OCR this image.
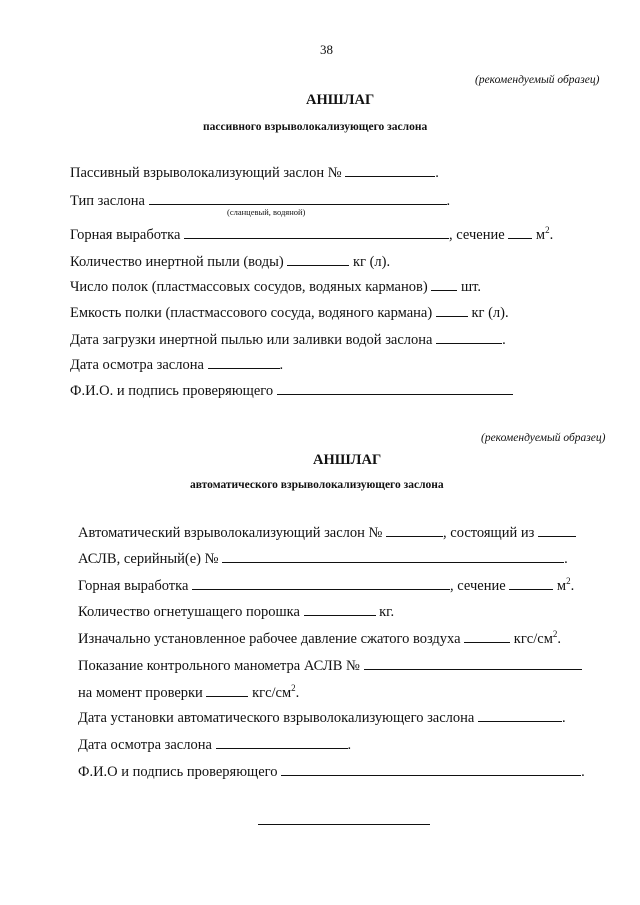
38
(рекомендуемый образец)
АНШЛАГ
пассивного взрыволокализующего заслона
Пассивный взрыволокализующий заслон №	.
Тип заслона	.
(сланцевый, водяной)
Горная выработка	, сечение $м^2$.
Количество инертной пыли (воды)	кг (л).
Число полок (пластмассовых сосудов, водяных карманов) шт.
Емкость полки (пластмассового сосуда, водяного кармана)	кг (л).
Дата загрузки инертной пылью или заливки водой заслона	.
Дата осмотра заслона	.
Ф.И.О. и подпись проверяющего
(рекомендуемый образец)
АНШЛАГ
автоматического взрыволокализующего заслона
Автоматический взрыволокализующий заслон №	, состоящий из
АСЛВ, серийный(е) №	.
Горная выработка	, сечение	$м^2$.
Количество огнетушащего порошка	кг.
Изначально установленное рабочее давление сжатого воздуха	кгс/$см^2$.
Показание контрольного манометра АСЛВ №
на момент проверки	кгс/$см^2$.
Дата установки автоматического взрыволокализующего заслона	.
Дата осмотра заслона	.
Ф.И.О и подпись проверяющего	.
